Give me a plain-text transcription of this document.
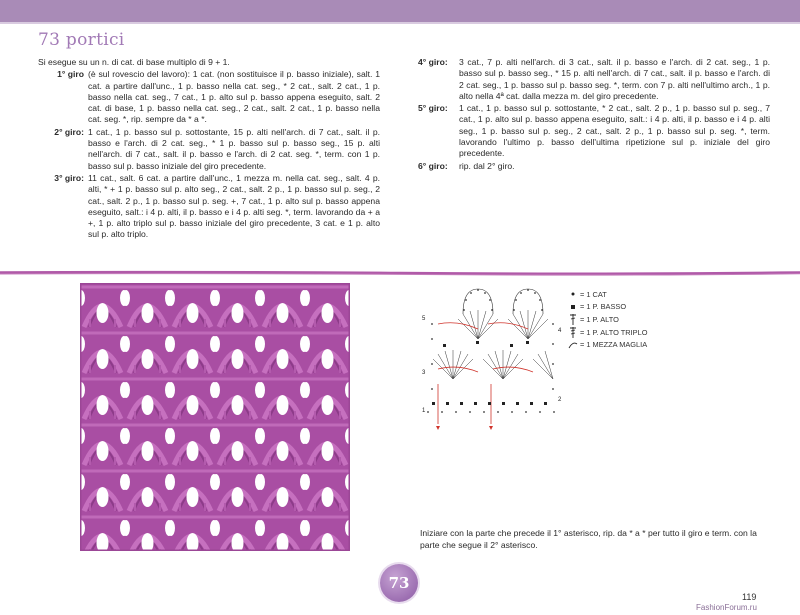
73 portici
Si esegue su un n. di cat. di base multiplo di 9 + 1.
1° giro (è sul rovescio del lavoro): 1 cat. (non sostituisce il p. basso iniziale), salt. 1 cat. a partire dall'unc., 1 p. basso nella cat. seg., * 2 cat., salt. 2 cat., 1 p. basso nella cat. seg., 7 cat., 1 p. alto sul p. basso appena eseguito, salt. 2 cat. di base, 1 p. basso nella cat. seg., 2 cat., salt. 2 cat., 1 p. basso nella cat. seg. *, rip. sempre da * a *.
2° giro: 1 cat., 1 p. basso sul p. sottostante, 15 p. alti nell'arch. di 7 cat., salt. il p. basso e l'arch. di 2 cat. seg., * 1 p. basso sul p. basso seg., 15 p. alti nell'arch. di 7 cat., salt. il p. basso e l'arch. di 2 cat. seg. *, term. con 1 p. basso sul p. basso iniziale del giro precedente.
3° giro: 11 cat., salt. 6 cat. a partire dall'unc., 1 mezza m. nella cat. seg., salt. 4 p. alti, * + 1 p. basso sul p. alto seg., 2 cat., salt. 2 p., 1 p. basso sul p. seg., 2 cat., salt. 2 p., 1 p. basso sul p. seg. +, 7 cat., 1 p. alto sul p. basso appena eseguito, salt.: i 4 p. alti, il p. basso e i 4 p. alti seg. *, term. lavorando da + a +, 1 p. alto triplo sul p. basso iniziale del giro precedente, 3 cat. e 1 p. alto sul p. alto triplo.
4° giro:	3 cat., 7 p. alti nell'arch. di 3 cat., salt. il p. basso e l'arch. di 2 cat. seg., 1 p. basso sul p. basso seg., * 15 p. alti nell'arch. di 7 cat., salt. il p. basso e l'arch. di 2 cat. seg., 1 p. basso sul p. basso seg. *, term. con 7 p. alti nell'ultimo arch., 1 p. alto nella 4ª cat. dalla mezza m. del giro precedente.
5° giro:	1 cat., 1 p. basso sul p. sottostante, * 2 cat., salt. 2 p., 1 p. basso sul p. seg., 7 cat., 1 p. alto sul p. basso appena eseguito, salt.: i 4 p. alti, il p. basso e i 4 p. alti seg., 1 p. basso sul p. seg., 2 cat., salt. 2 p., 1 p. basso sul p. seg. *, term. lavorando l'ultimo p. basso dell'ultima ripetizione sul p. iniziale del giro precedente.
6° giro:	rip. dal 2° giro.
1
2
3
4
5
= 1 CAT
= 1 P. BASSO
= 1 P. ALTO
= 1 P. ALTO TRIPLO
= 1 MEZZA MAGLIA
Iniziare con la parte che precede il 1° asterisco, rip. da * a * per tutto il giro e term. con la parte che segue il 2° asterisco.
73
119
FashionForum.ru
